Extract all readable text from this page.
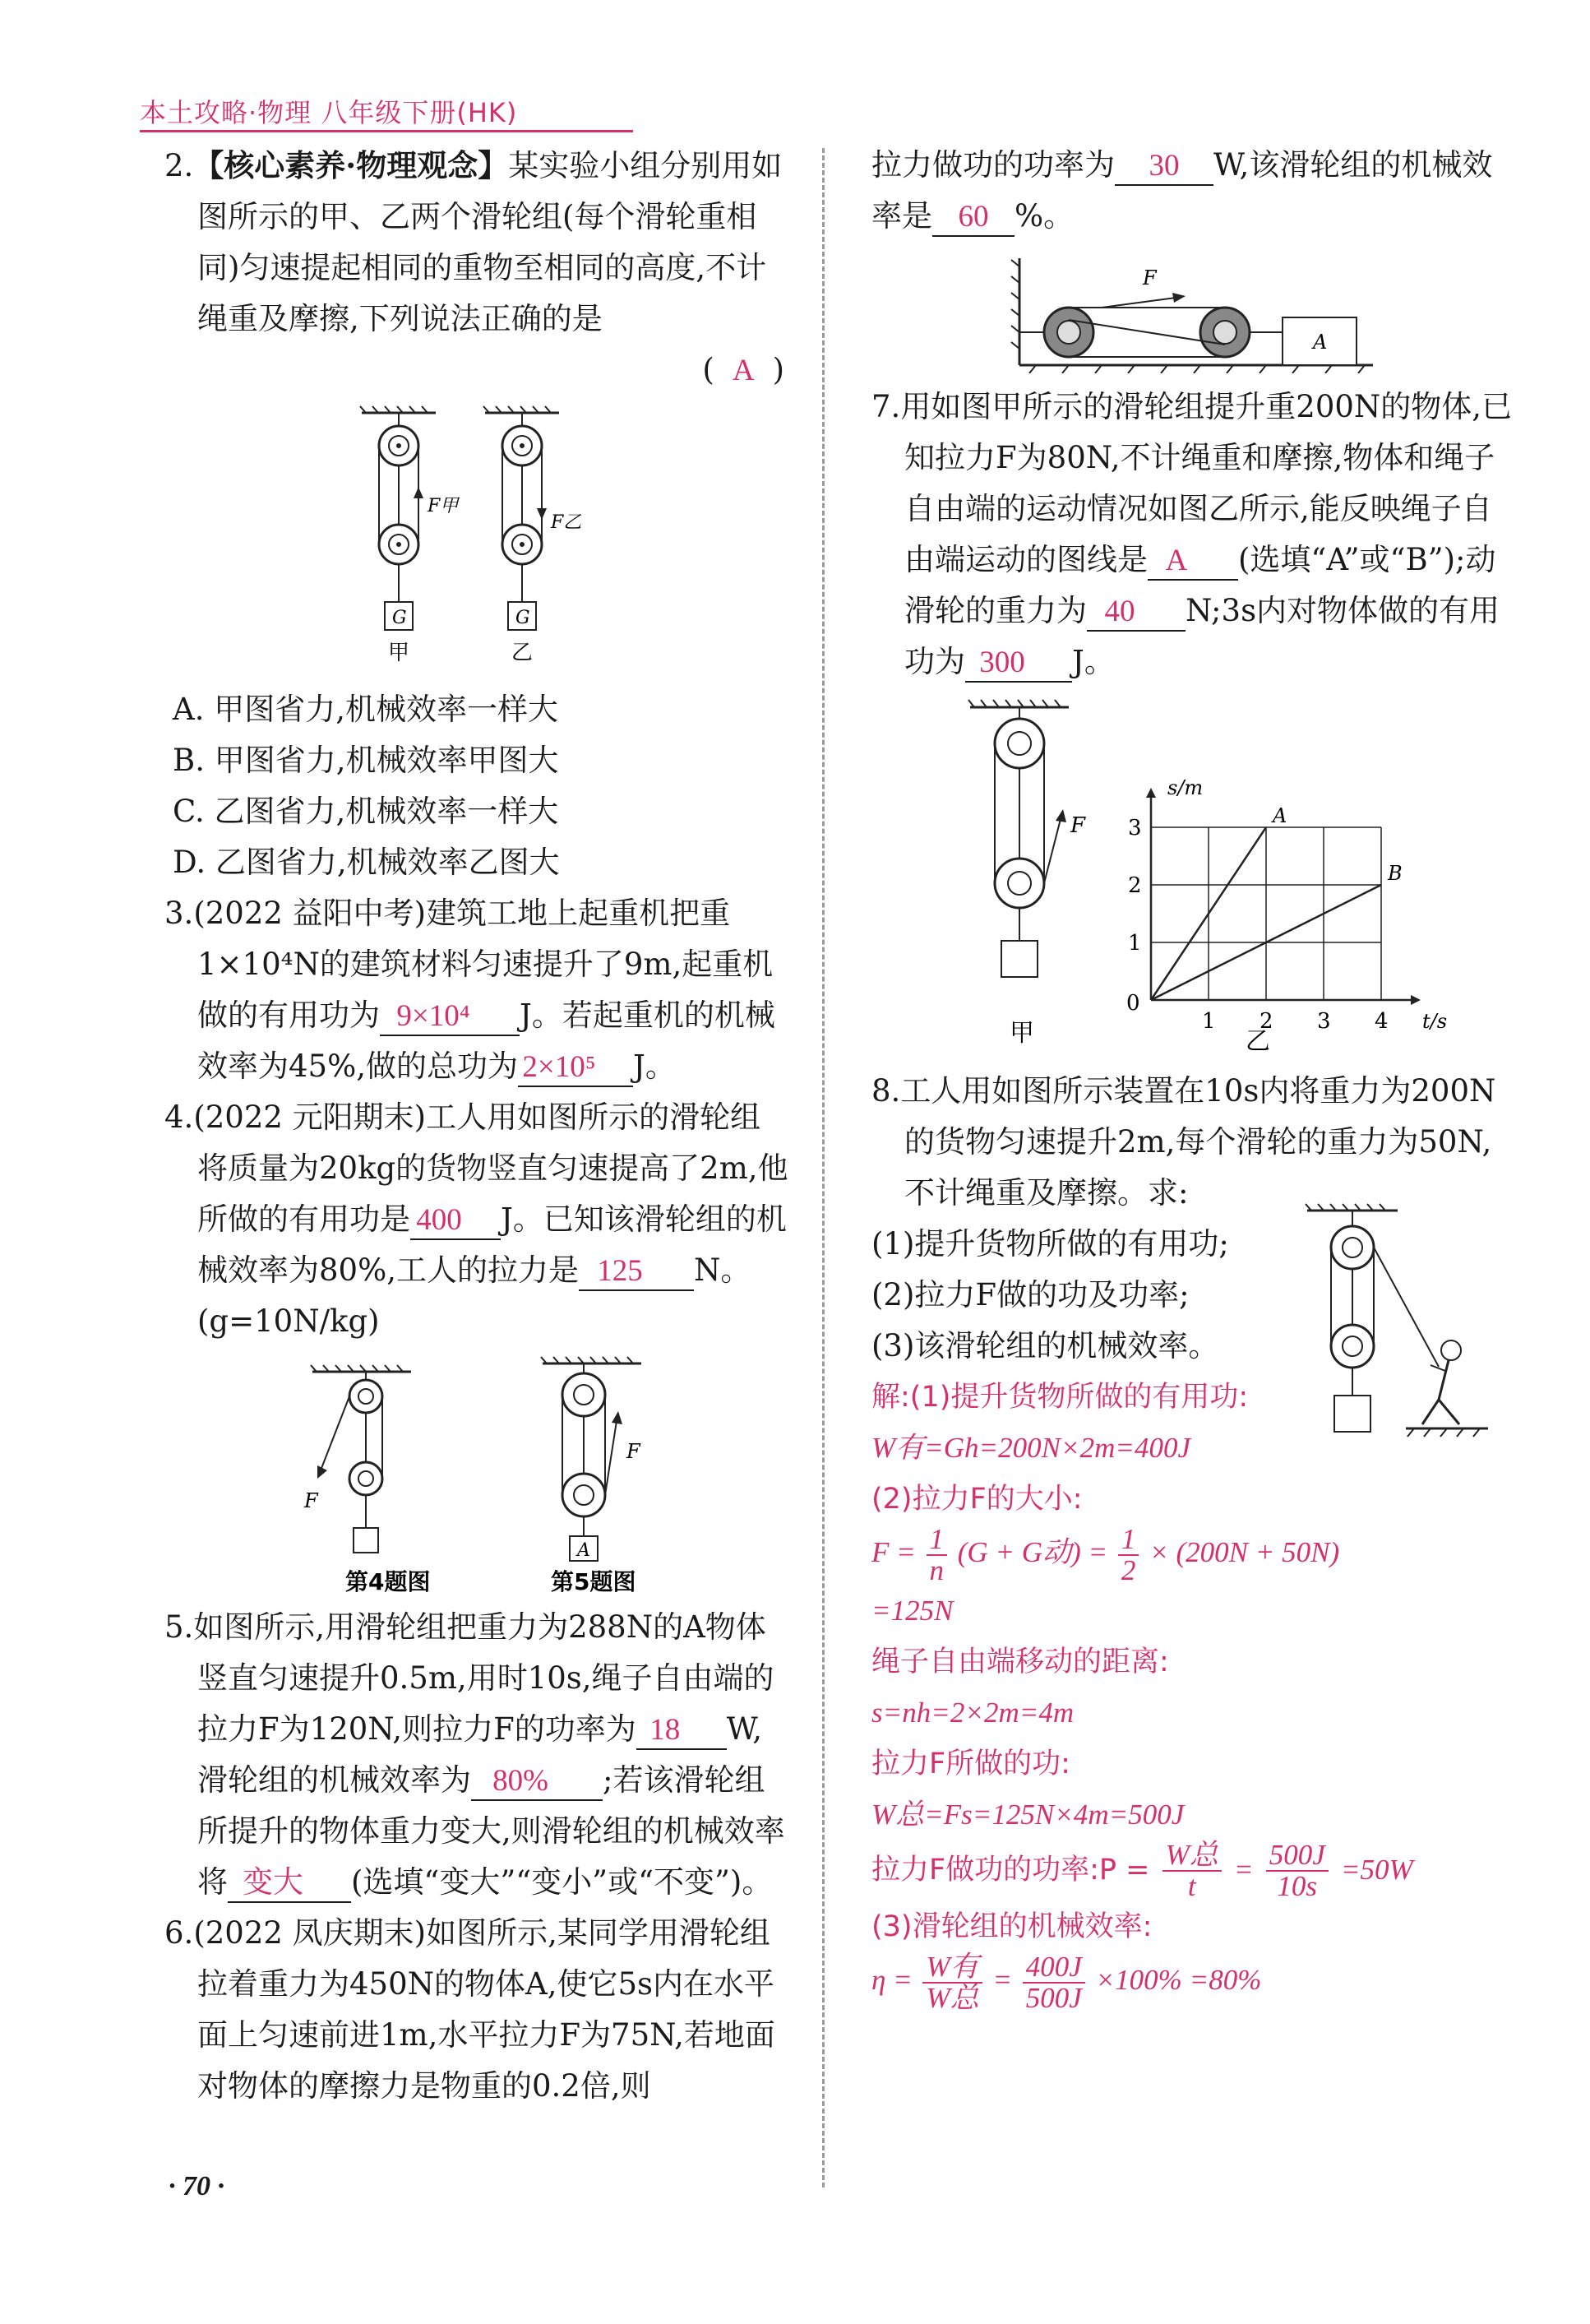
本土攻略·物理 八年级下册(HK)

2.【核心素养·物理观念】某实验小组分别用如图所示的甲、乙两个滑轮组(每个滑轮重相同)匀速提起相同的重物至相同的高度,不计绳重及摩擦,下列说法正确的是

( A )

F甲
G
甲
F乙
G
乙

A. 甲图省力,机械效率一样大

B. 甲图省力,机械效率甲图大

C. 乙图省力,机械效率一样大

D. 乙图省力,机械效率乙图大

3.(2022 益阳中考)建筑工地上起重机把重1×10⁴N的建筑材料匀速提升了9m,起重机做的有用功为 9×10⁴ J。若起重机的机械效率为45%,做的总功为 2×10⁵ J。

4.(2022 元阳期末)工人用如图所示的滑轮组将质量为20kg的货物竖直匀速提高了2m,他所做的有用功是 400 J。已知该滑轮组的机械效率为80%,工人的拉力是 125 N。(g=10N/kg)

F
F
A
第4题图	第5题图

5.如图所示,用滑轮组把重力为288N的A物体竖直匀速提升0.5m,用时10s,绳子自由端的拉力F为120N,则拉力F的功率为 18 W,滑轮组的机械效率为 80% ;若该滑轮组所提升的物体重力变大,则滑轮组的机械效率将 变大 (选填“变大”“变小”或“不变”)。

6.(2022 凤庆期末)如图所示,某同学用滑轮组拉着重力为450N的物体A,使它5s内在水平面上匀速前进1m,水平拉力F为75N,若地面对物体的摩擦力是物重的0.2倍,则

拉力做功的功率为 30 W,该滑轮组的机械效率是 60 %。

F
A

7.用如图甲所示的滑轮组提升重200N的物体,已知拉力F为80N,不计绳重和摩擦,物体和绳子自由端的运动情况如图乙所示,能反映绳子自由端运动的图线是 A (选填“A”或“B”);动滑轮的重力为 40 N;3s内对物体做的有用功为 300 J。

F
甲
0
1 2 3 4
1
2
3
s/m
t/s
A
B
乙

8.工人用如图所示装置在10s内将重力为200N的货物匀速提升2m,每个滑轮的重力为50N,不计绳重及摩擦。求:

(1)提升货物所做的有用功;

(2)拉力F做的功及功率;

(3)该滑轮组的机械效率。

解:(1)提升货物所做的有用功:

W有=Gh=200N×2m=400J

(2)拉力F的大小:

$F = \frac{1}{n} (G + G$动) = $\frac{1}{2} \times (200N + 50N)$

=125N

绳子自由端移动的距离:

s=nh=2×2m=4m

拉力F所做的功:

W总=Fs=125N×4m=500J

拉力F做功的功率:P = $\frac{\text{W总}}{t} = \frac{500J}{10s} =50W$

(3)滑轮组的机械效率:

$\eta = \frac{\text{W有}}{\text{W总}} = \frac{400J}{500J} \times 100\% =80\%$

· 70 ·
